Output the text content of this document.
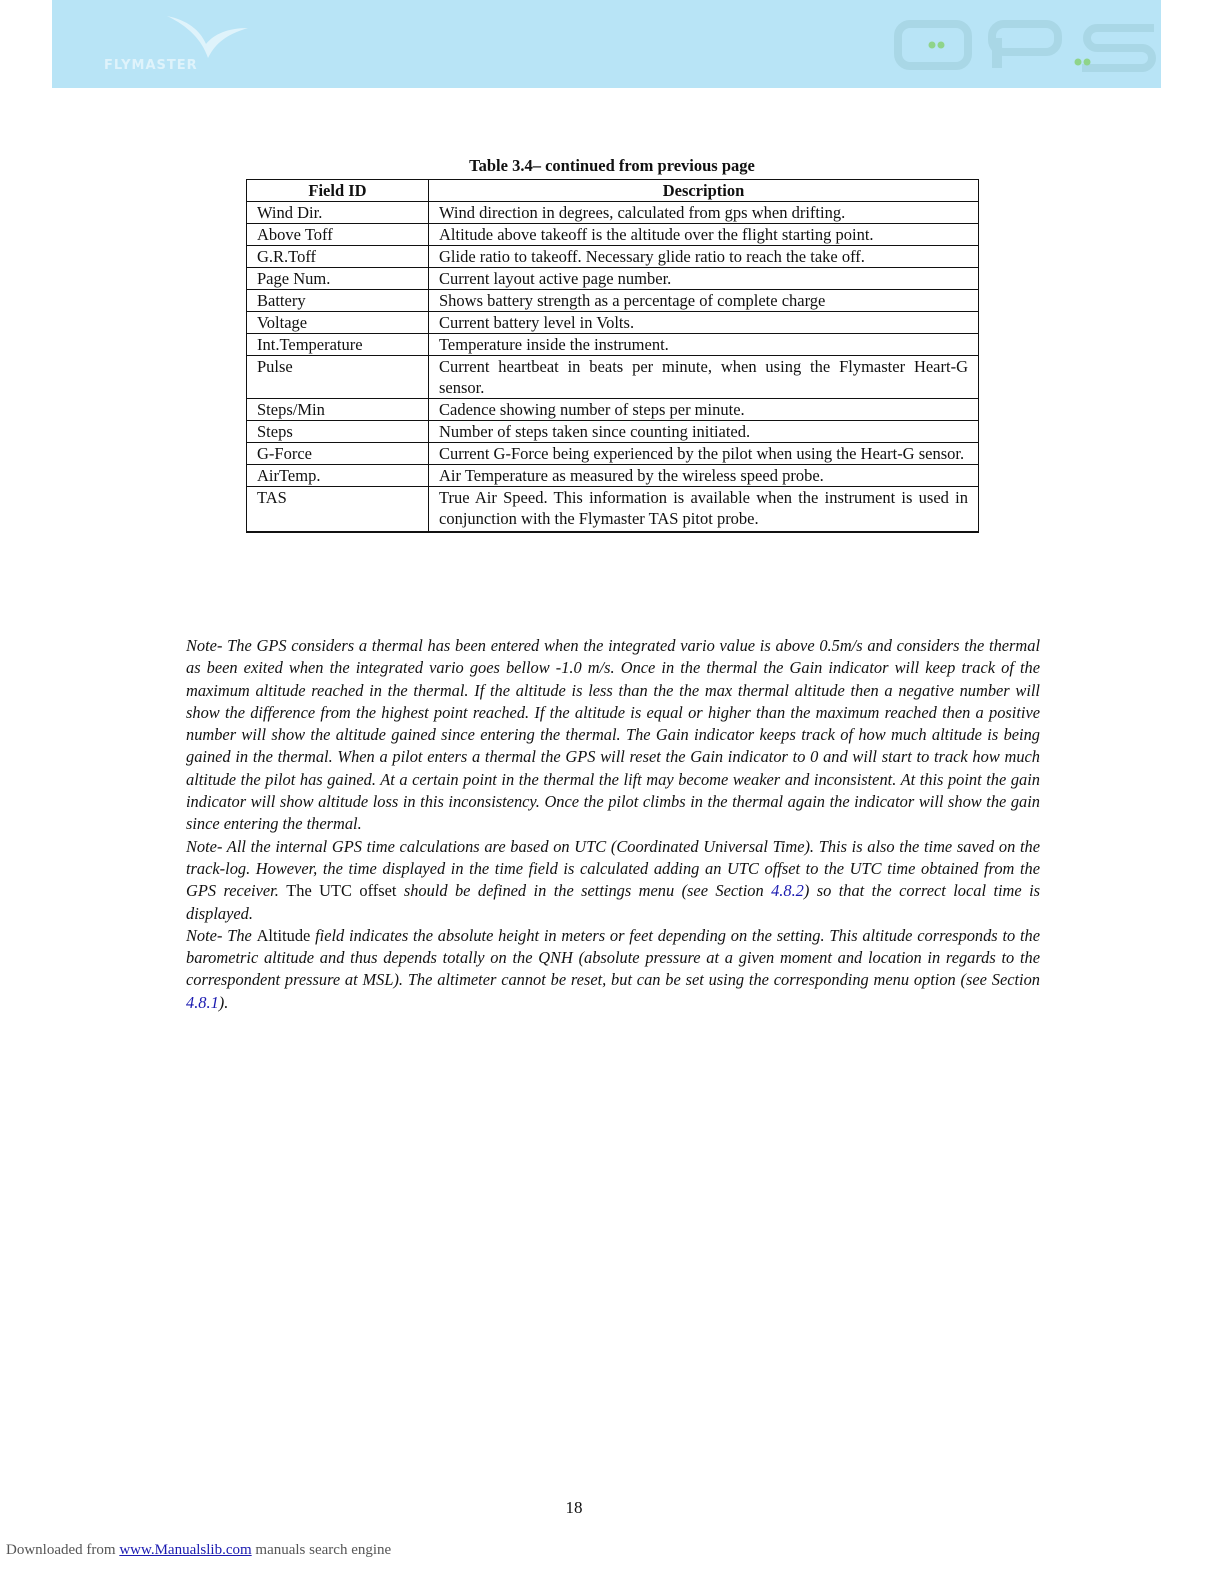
FLYMASTER
Table 3.4– continued from previous page
Field ID	Description
Wind Dir.	Wind direction in degrees, calculated from gps when drifting.
Above Toff	Altitude above takeoff is the altitude over the flight starting point.
G.R.Toff	Glide ratio to takeoff. Necessary glide ratio to reach the take off.
Page Num.	Current layout active page number.
Battery	Shows battery strength as a percentage of complete charge
Voltage	Current battery level in Volts.
Int.Temperature	Temperature inside the instrument.
Pulse	Current heartbeat in beats per minute, when using the Flymaster Heart-G sensor.
Steps/Min	Cadence showing number of steps per minute.
Steps	Number of steps taken since counting initiated.
G-Force	Current G-Force being experienced by the pilot when using the Heart-G sensor.
AirTemp.	Air Temperature as measured by the wireless speed probe.
TAS	True Air Speed. This information is available when the instrument is used in conjunction with the Flymaster TAS pitot probe.

Note- The GPS considers a thermal has been entered when the integrated vario value is above 0.5m/s and considers the thermal as been exited when the integrated vario goes bellow -1.0 m/s. Once in the thermal the Gain indicator will keep track of the maximum altitude reached in the thermal. If the altitude is less than the the max thermal altitude then a negative number will show the difference from the highest point reached. If the altitude is equal or higher than the maximum reached then a positive number will show the altitude gained since entering the thermal. The Gain indicator keeps track of how much altitude is being gained in the thermal. When a pilot enters a thermal the GPS will reset the Gain indicator to 0 and will start to track how much altitude the pilot has gained. At a certain point in the thermal the lift may become weaker and inconsistent. At this point the gain indicator will show altitude loss in this inconsistency. Once the pilot climbs in the thermal again the indicator will show the gain since entering the thermal.

Note- All the internal GPS time calculations are based on UTC (Coordinated Universal Time). This is also the time saved on the track-log. However, the time displayed in the time field is calculated adding an UTC offset to the UTC time obtained from the GPS receiver. The UTC offset should be defined in the settings menu (see Section 4.8.2) so that the correct local time is displayed.

Note- The Altitude field indicates the absolute height in meters or feet depending on the setting. This altitude corresponds to the barometric altitude and thus depends totally on the QNH (absolute pressure at a given moment and location in regards to the correspondent pressure at MSL). The altimeter cannot be reset, but can be set using the corresponding menu option (see Section 4.8.1).

18
Downloaded from www.Manualslib.com manuals search engine
